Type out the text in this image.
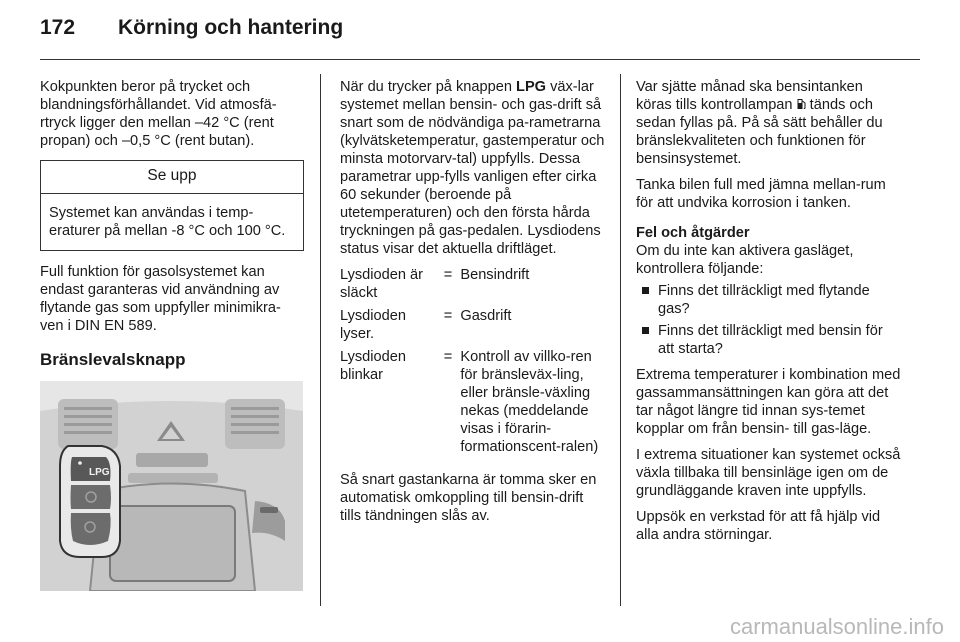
172 Körning och hantering

Kokpunkten beror på trycket och blandningsförhållandet. Vid atmosfä-rtryck ligger den mellan –42 °C (rent propan) och –0,5 °C (rent butan).

Se upp
Systemet kan användas i temp-eraturer på mellan -8 °C och 100 °C.

Full funktion för gasolsystemet kan endast garanteras vid användning av flytande gas som uppfyller minimikra-ven i DIN EN 589.

Bränslevalsknapp
LPG

När du trycker på knappen LPG väx-lar systemet mellan bensin- och gas-drift så snart som de nödvändiga pa-rametrarna (kylvätsketemperatur, gastemperatur och minsta motorvarv-tal) uppfylls. Dessa parametrar upp-fylls vanligen efter cirka 60 sekunder (beroende på utetemperaturen) och den första hårda tryckningen på gas-pedalen. Lysdiodens status visar det aktuella driftläget.

Lysdioden är släckt	=	Bensindrift
Lysdioden lyser.	=	Gasdrift
Lysdioden blinkar	=	Kontroll av villko-ren för bränsleväx-ling, eller bränsle-växling nekas (meddelande visas i förarin-formationscent-ralen)

Så snart gastankarna är tomma sker en automatisk omkoppling till bensin-drift tills tändningen slås av.

Var sjätte månad ska bensintanken köras tills kontrollampan  tänds och sedan fyllas på. På så sätt behåller du bränslekvaliteten och funktionen för bensinsystemet.

Tanka bilen full med jämna mellan-rum för att undvika korrosion i tanken.

Fel och åtgärder

Om du inte kan aktivera gasläget, kontrollera följande:

Finns det tillräckligt med flytande gas?
Finns det tillräckligt med bensin för att starta?

Extrema temperaturer i kombination med gassammansättningen kan göra att det tar något längre tid innan sys-temet kopplar om från bensin- till gas-läge.

I extrema situationer kan systemet också växla tillbaka till bensinläge igen om de grundläggande kraven inte uppfylls.

Uppsök en verkstad för att få hjälp vid alla andra störningar.

carmanualsonline.info
